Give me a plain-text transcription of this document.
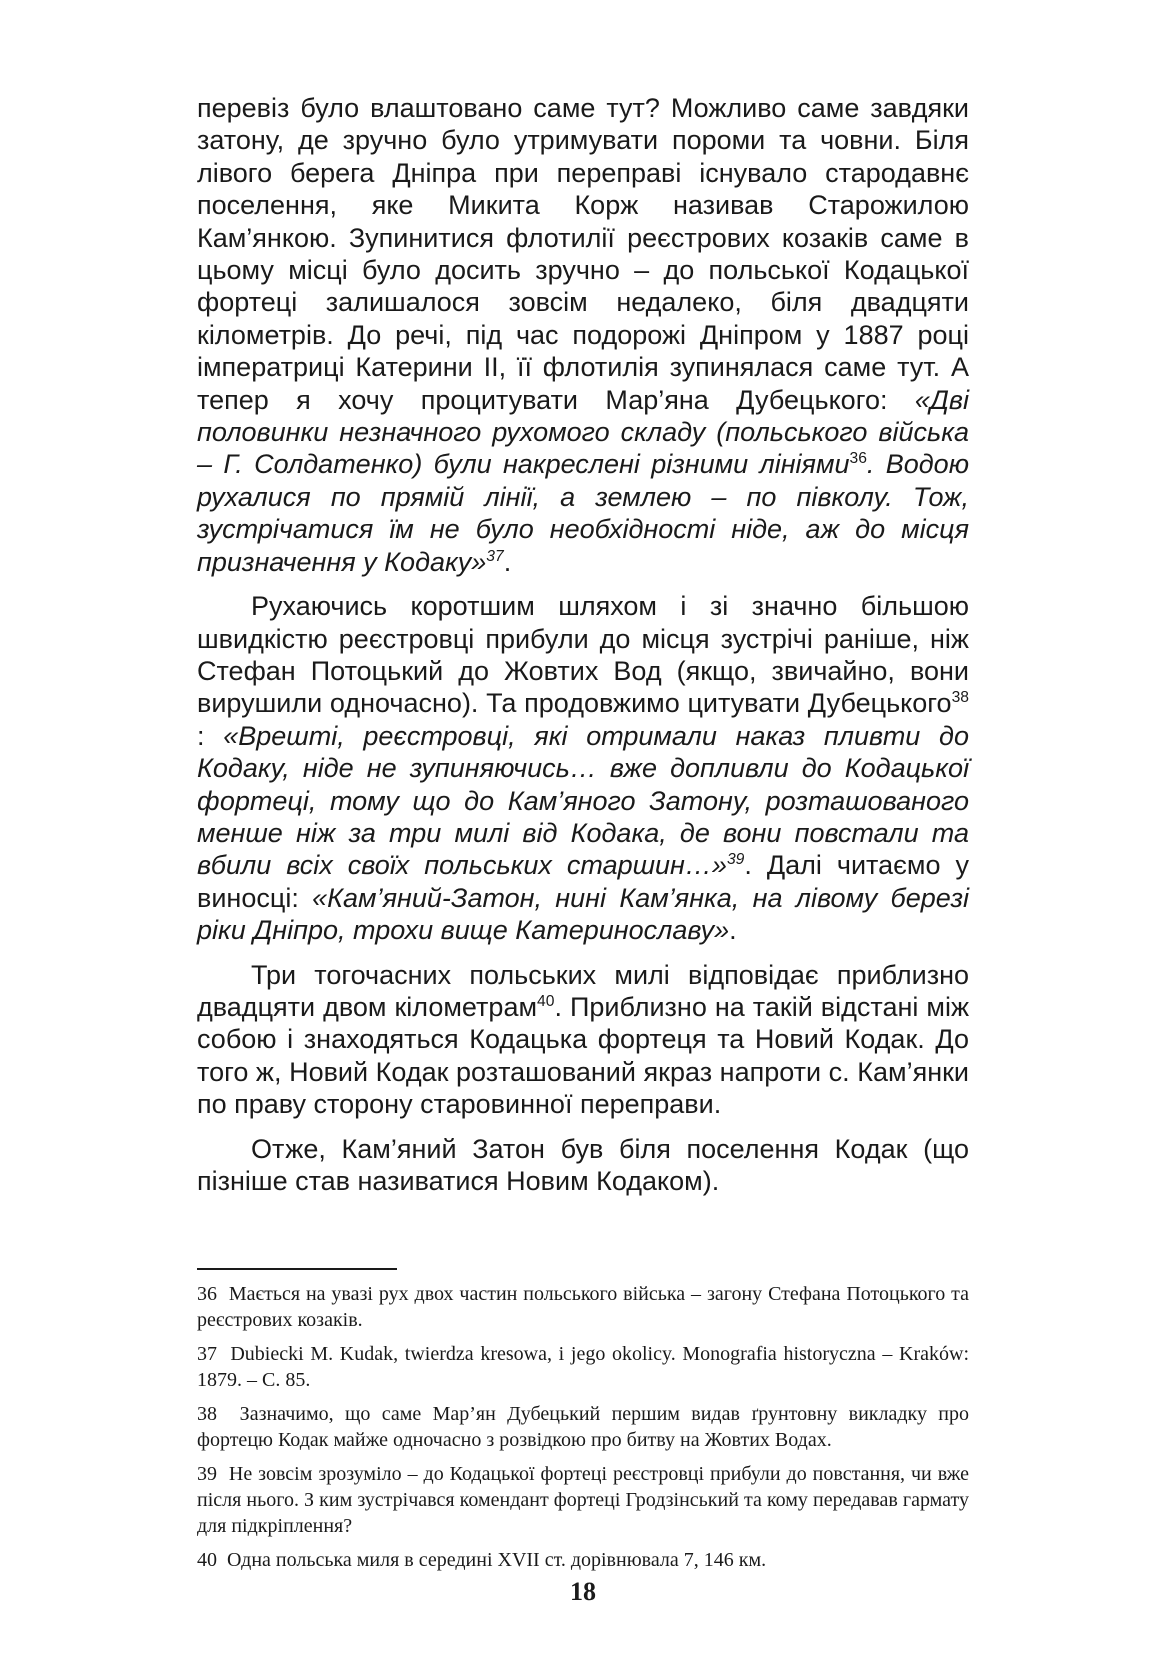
перевіз було влаштовано саме тут? Можливо саме завдяки затону, де зручно було утримувати пороми та човни. Біля лівого берега Дніпра при переправі існувало стародавнє поселення, яке Микита Корж називав Старожилою Кам’янкою. Зупинитися флотилії реєстрових козаків саме в цьому місці було досить зручно – до польської Кодацької фортеці залишалося зовсім недалеко, біля двадцяти кілометрів. До речі, під час подорожі Дніпром у 1887 році імператриці Катерини ІІ, її флотилія зупинялася саме тут. А тепер я хочу процитувати Мар’яна Дубецького: «Дві половинки незначного рухомого складу (польського війська – Г. Солдатенко) були накреслені різними лініями$^{36}$. Водою рухалися по прямій лінії, а землею – по півколу. Тож, зустрічатися їм не було необхідності ніде, аж до місця призначення у Кодаку»$^{37}$.

Рухаючись коротшим шляхом і зі значно більшою швидкістю реєстровці прибули до місця зустрічі раніше, ніж Стефан Потоцький до Жовтих Вод (якщо, звичайно, вони вирушили одночасно). Та продовжимо цитувати Дубецького$^{38}$ : «Врешті, реєстровці, які отримали наказ пливти до Кодаку, ніде не зупиняючись… вже допливли до Кодацької фортеці, тому що до Кам’яного Затону, розташованого менше ніж за три милі від Кодака, де вони повстали та вбили всіх своїх польських старшин…»$^{39}$. Далі читаємо у виносці: «Кам’яний-Затон, нині Кам’янка, на лівому березі ріки Дніпро, трохи вище Катеринославу».

Три тогочасних польських милі відповідає приблизно двадцяти двом кілометрам$^{40}$. Приблизно на такій відстані між собою і знаходяться Кодацька фортеця та Новий Кодак. До того ж, Новий Кодак розташований якраз напроти с. Кам’янки по праву сторону старовинної переправи.

Отже, Кам’яний Затон був біля поселення Кодак (що пізніше став називатися Новим Кодаком).

36 Мається на увазі рух двох частин польського війська – загону Стефана Потоцького та реєстрових козаків.

37 Dubiecki M. Kudak, twierdza kresowa, i jego okolicy. Monografia historyczna – Kraków: 1879. – С. 85.

38 Зазначимо, що саме Мар’ян Дубецький першим видав ґрунтовну викладку про фортецю Кодак майже одночасно з розвідкою про битву на Жовтих Водах.

39 Не зовсім зрозуміло – до Кодацької фортеці реєстровці прибули до повстання, чи вже після нього. З ким зустрічався комендант фортеці Гродзінський та кому передавав гармату для підкріплення?

40 Одна польська миля в середині XVII ст. дорівнювала 7, 146 км.

18
